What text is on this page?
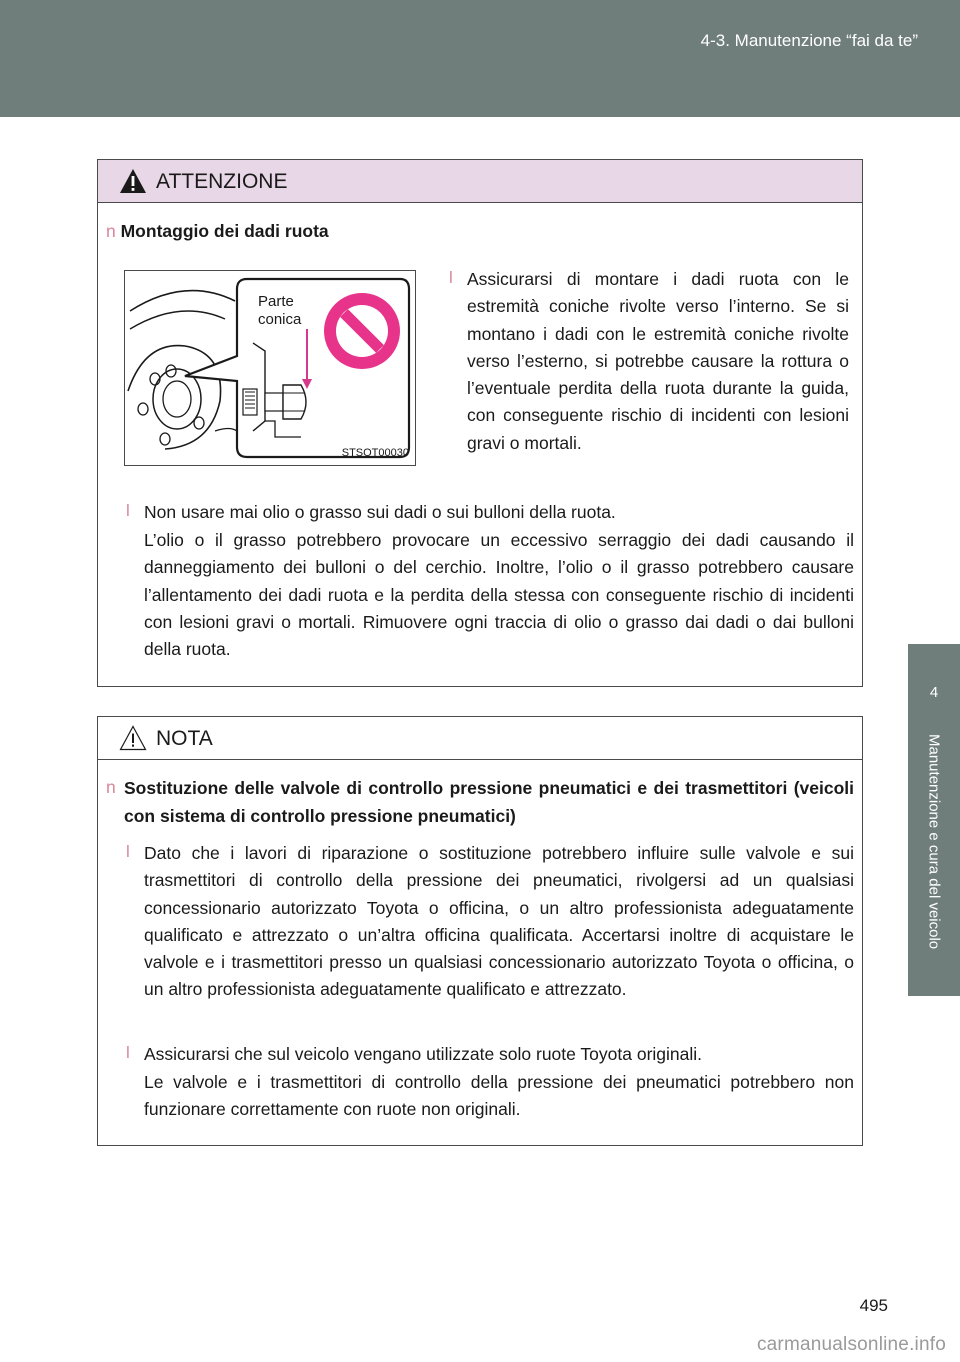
4-3. Manutenzione “fai da te”
4
Manutenzione e cura del veicolo
ATTENZIONE
n Montaggio dei dadi ruota
Parte
conica
STSOT00030
l Assicurarsi di montare i dadi ruota con le estremità coniche rivolte verso l’interno. Se si montano i dadi con le estremità coniche rivolte verso l’esterno, si potrebbe causare la rottura o l’eventuale perdita della ruota durante la guida, con conseguente rischio di incidenti con lesioni gravi o mortali.
l Non usare mai olio o grasso sui dadi o sui bulloni della ruota.
L’olio o il grasso potrebbero provocare un eccessivo serraggio dei dadi causando il danneggiamento dei bulloni o del cerchio. Inoltre, l’olio o il grasso potrebbero causare l’allentamento dei dadi ruota e la perdita della stessa con conseguente rischio di incidenti con lesioni gravi o mortali. Rimuovere ogni traccia di olio o grasso dai dadi o dai bulloni della ruota.
NOTA
n Sostituzione delle valvole di controllo pressione pneumatici e dei trasmettitori (veicoli con sistema di controllo pressione pneumatici)
l Dato che i lavori di riparazione o sostituzione potrebbero influire sulle valvole e sui trasmettitori di controllo della pressione dei pneumatici, rivolgersi ad un qualsiasi concessionario autorizzato Toyota o officina, o un altro professionista adeguatamente qualificato e attrezzato o un’altra officina qualificata. Accertarsi inoltre di acquistare le valvole e i trasmettitori presso un qualsiasi concessionario autorizzato Toyota o officina, o un altro professionista adeguatamente qualificato e attrezzato.
l Assicurarsi che sul veicolo vengano utilizzate solo ruote Toyota originali.
Le valvole e i trasmettitori di controllo della pressione dei pneumatici potrebbero non funzionare correttamente con ruote non originali.
495
carmanualsonline.info
